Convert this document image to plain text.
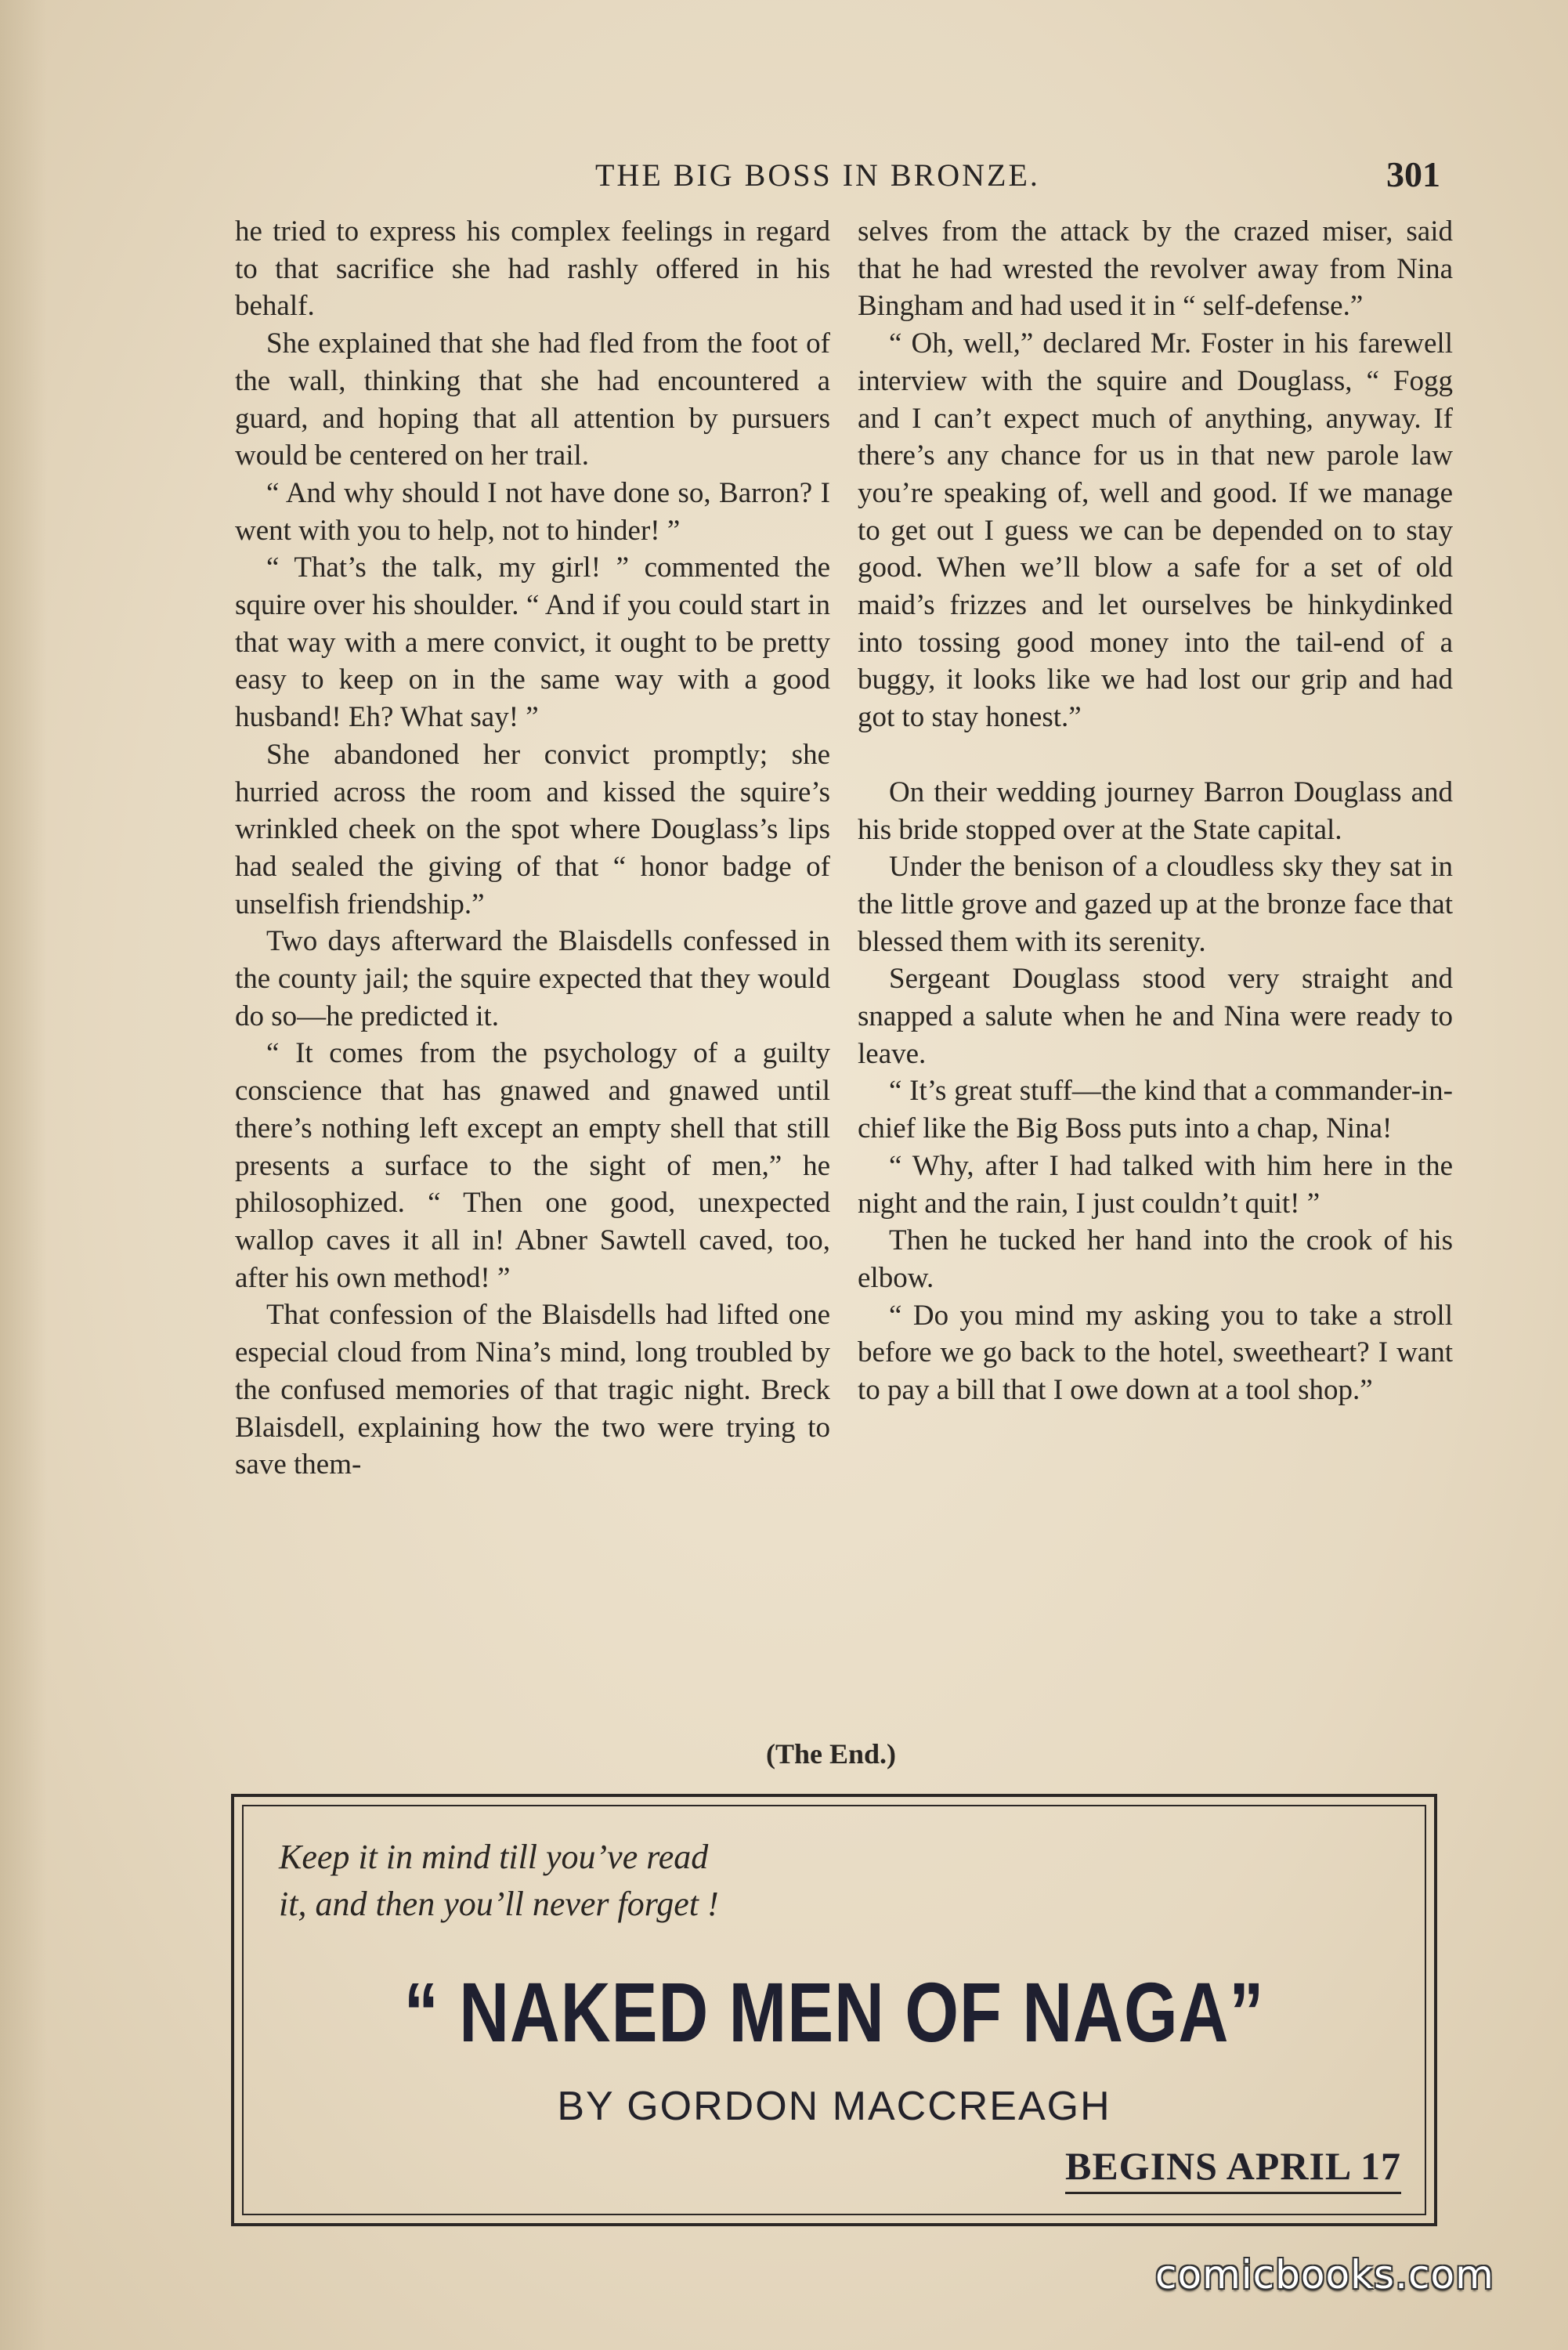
THE BIG BOSS IN BRONZE.	301

he tried to express his complex feelings in regard to that sacrifice she had rashly offered in his behalf.

She explained that she had fled from the foot of the wall, thinking that she had encountered a guard, and hoping that all attention by pursuers would be centered on her trail.

“ And why should I not have done so, Barron? I went with you to help, not to hinder! ”

“ That’s the talk, my girl! ” commented the squire over his shoulder. “ And if you could start in that way with a mere convict, it ought to be pretty easy to keep on in the same way with a good husband! Eh? What say! ”

She abandoned her convict promptly; she hurried across the room and kissed the squire’s wrinkled cheek on the spot where Douglass’s lips had sealed the giving of that “ honor badge of unselfish friendship.”

Two days afterward the Blaisdells confessed in the county jail; the squire expected that they would do so—he predicted it.

“ It comes from the psychology of a guilty conscience that has gnawed and gnawed until there’s nothing left except an empty shell that still presents a surface to the sight of men,” he philosophized. “ Then one good, unexpected wallop caves it all in! Abner Sawtell caved, too, after his own method! ”

That confession of the Blaisdells had lifted one especial cloud from Nina’s mind, long troubled by the confused memories of that tragic night. Breck Blaisdell, explaining how the two were trying to save them-

selves from the attack by the crazed miser, said that he had wrested the revolver away from Nina Bingham and had used it in “ self-defense.”

“ Oh, well,” declared Mr. Foster in his farewell interview with the squire and Douglass, “ Fogg and I can’t expect much of anything, anyway. If there’s any chance for us in that new parole law you’re speaking of, well and good. If we manage to get out I guess we can be depended on to stay good. When we’ll blow a safe for a set of old maid’s frizzes and let ourselves be hinkydinked into tossing good money into the tail-end of a buggy, it looks like we had lost our grip and had got to stay honest.”

On their wedding journey Barron Douglass and his bride stopped over at the State capital.

Under the benison of a cloudless sky they sat in the little grove and gazed up at the bronze face that blessed them with its serenity.

Sergeant Douglass stood very straight and snapped a salute when he and Nina were ready to leave.

“ It’s great stuff—the kind that a commander-in-chief like the Big Boss puts into a chap, Nina!

“ Why, after I had talked with him here in the night and the rain, I just couldn’t quit! ”

Then he tucked her hand into the crook of his elbow.

“ Do you mind my asking you to take a stroll before we go back to the hotel, sweetheart? I want to pay a bill that I owe down at a tool shop.”

(The End.)
Keep it in mind till you’ve read
it, and then you’ll never forget !
“ NAKED MEN OF NAGA”
BY GORDON MACCREAGH
BEGINS APRIL 17
comicbooks.com
